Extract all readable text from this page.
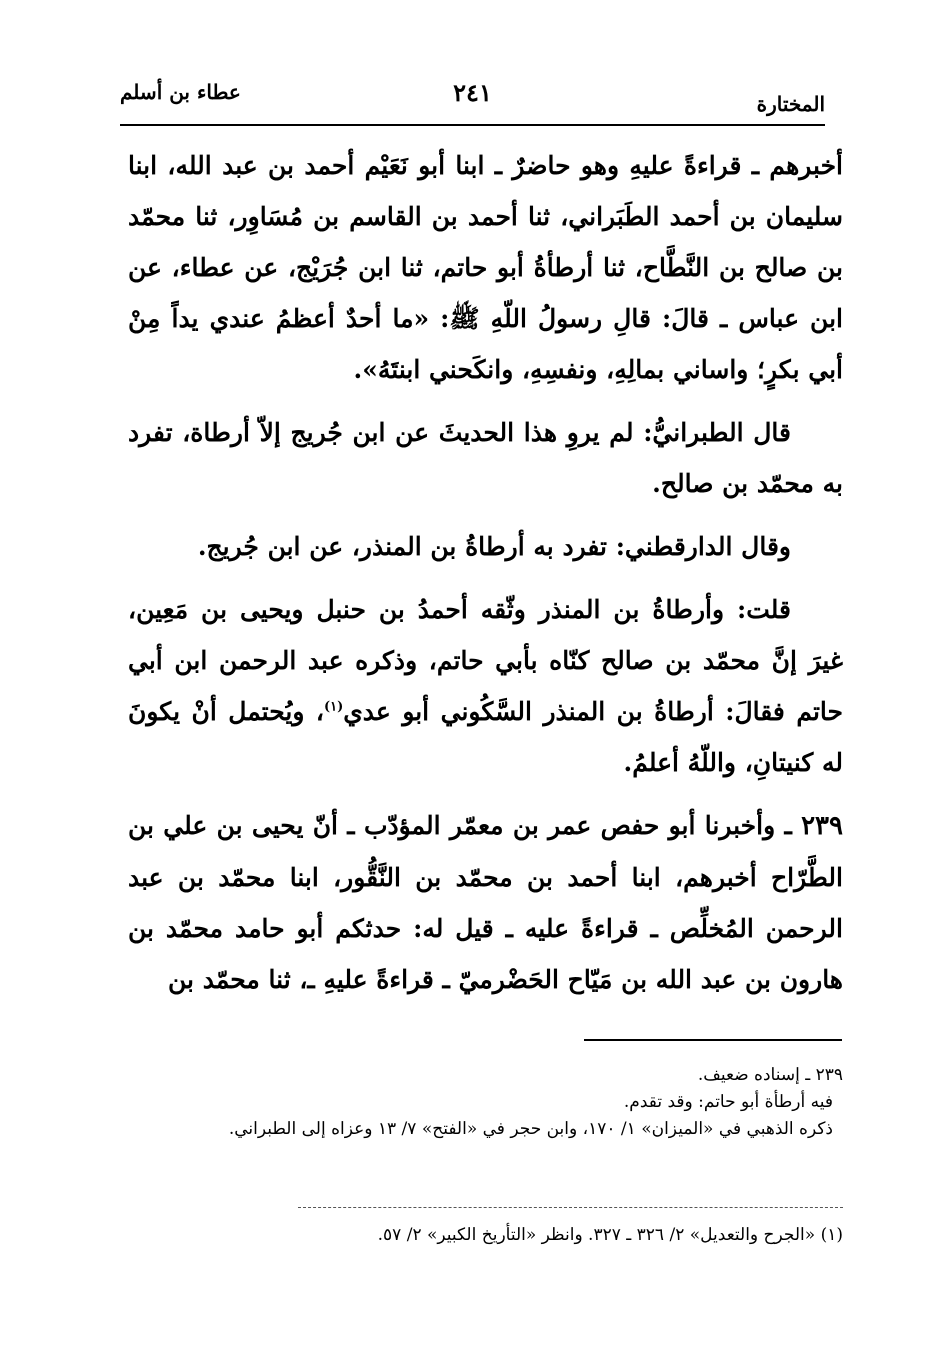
المختارة
٢٤١
عطاء بن أسلم

أخبرهم ـ قراءةً عليهِ وهو حاضرٌ ـ ابنا أبو نَعَيْم أحمد بن عبد الله، ابنا سليمان بن أحمد الطَبَراني، ثنا أحمد بن القاسم بن مُسَاوِر، ثنا محمّد بن صالح بن النَّطَّاح، ثنا أرطأةُ أبو حاتم، ثنا ابن جُرَيْج، عن عطاء، عن ابن عباس ـ قالَ: قالِ رسولُ اللّهِ ﷺ: «ما أحدٌ أعظمُ عندي يداً مِنْ أبي بكرٍ؛ واساني بمالِهِ، ونفسِهِ، وانكَحني ابنتَهُ».

قال الطبرانيُّ: لم يروِ هذا الحديثَ عن ابن جُريج إلاّ أرطاة، تفرد به محمّد بن صالح.

وقال الدارقطني: تفرد به أرطاةُ بن المنذر، عن ابن جُريج.

قلت: وأرطاةُ بن المنذر وثّقه أحمدُ بن حنبل ويحيى بن مَعِين، غيرَ إنَّ محمّد بن صالح كنّاه بأبي حاتم، وذكره عبد الرحمن ابن أبي حاتم فقالَ: أرطاةُ بن المنذر السَّكُوني أبو عدي$^{(١)}$، ويُحتمل أنْ يكونَ له كنيتانِ، واللّهُ أعلمُ.

٢٣٩ ـ وأخبرنا أبو حفص عمر بن معمّر المؤدّب ـ أنّ يحيى بن علي بن الطَّرّاح أخبرهم، ابنا أحمد بن محمّد بن النَّقُّور، ابنا محمّد بن عبد الرحمن المُخلِّص ـ قراءةً عليه ـ قيل له: حدثكم أبو حامد محمّد بن هارون بن عبد الله بن مَيّاح الحَضْرميّ ـ قراءةً عليهِ ـ، ثنا محمّد بن

٢٣٩ ـ إسناده ضعيف.

فيه أرطأة أبو حاتم: وقد تقدم.

ذكره الذهبي في «الميزان» ١/ ١٧٠، وابن حجر في «الفتح» ٧/ ١٣ وعزاه إلى الطبراني.

(١) «الجرح والتعديل» ٢/ ٣٢٦ ـ ٣٢٧. وانظر «التأريخ الكبير» ٢/ ٥٧.
